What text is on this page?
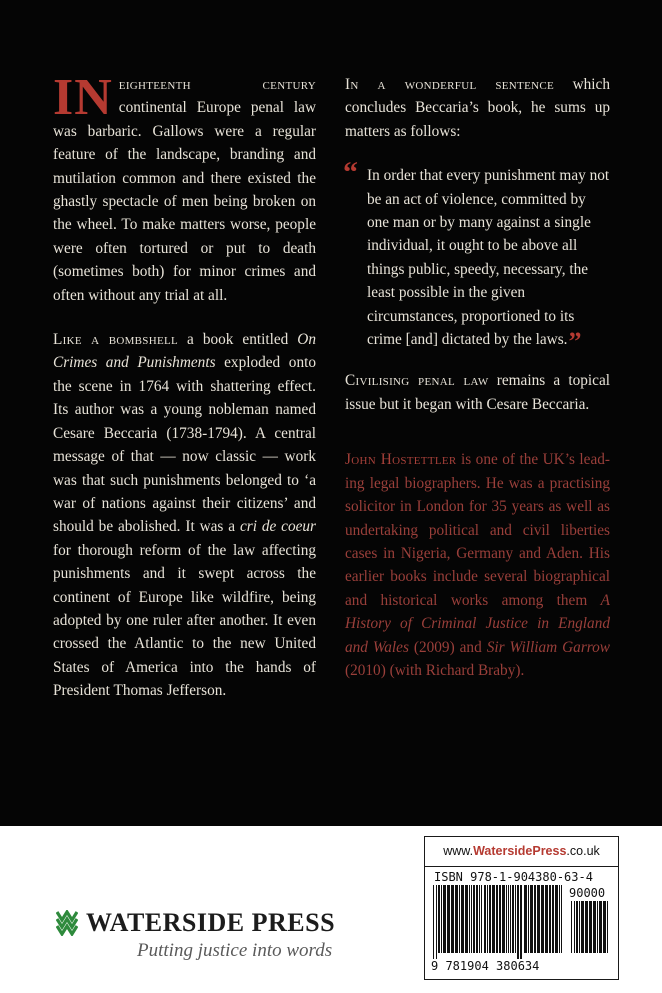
IN eighteenth century continental Europe penal law was barbaric. Gallows were a regular feature of the landscape, branding and mutilation common and there existed the ghastly spectacle of men being broken on the wheel. To make matters worse, people were often tortured or put to death (sometimes both) for minor crimes and often without any trial at all.

Like a bombshell a book entitled On Crimes and Punishments exploded onto the scene in 1764 with shattering effect. Its author was a young nobleman named Cesare Beccaria (1738-1794). A central message of that — now classic — work was that such punishments belonged to ‘a war of nations against their citizens’ and should be abolished. It was a cri de coeur for thorough reform of the law affecting punishments and it swept across the continent of Europe like wildfire, being adopted by one ruler after another. It even crossed the Atlantic to the new United States of America into the hands of President Thomas Jefferson.

In a wonderful sentence which concludes Beccaria’s book, he sums up matters as follows:

“ In order that every punishment may not be an act of violence, committed by one man or by many against a single individual, it ought to be above all things public, speedy, necessary, the least possible in the given circumstances, proportioned to its crime [and] dictated by the laws.”

Civilising penal law remains a topical issue but it began with Cesare Beccaria.

John Hostettler is one of the UK’s leading legal biographers. He was a practising solicitor in London for 35 years as well as undertaking political and civil liberties cases in Nigeria, Germany and Aden. His earlier books include several biographical and historical works among them A History of Criminal Justice in England and Wales (2009) and Sir William Garrow (2010) (with Richard Braby).

WATERSIDE PRESS
Putting justice into words
www.WatersidePress.co.uk
ISBN 978-1-904380-63-4
90000
9 781904 380634
